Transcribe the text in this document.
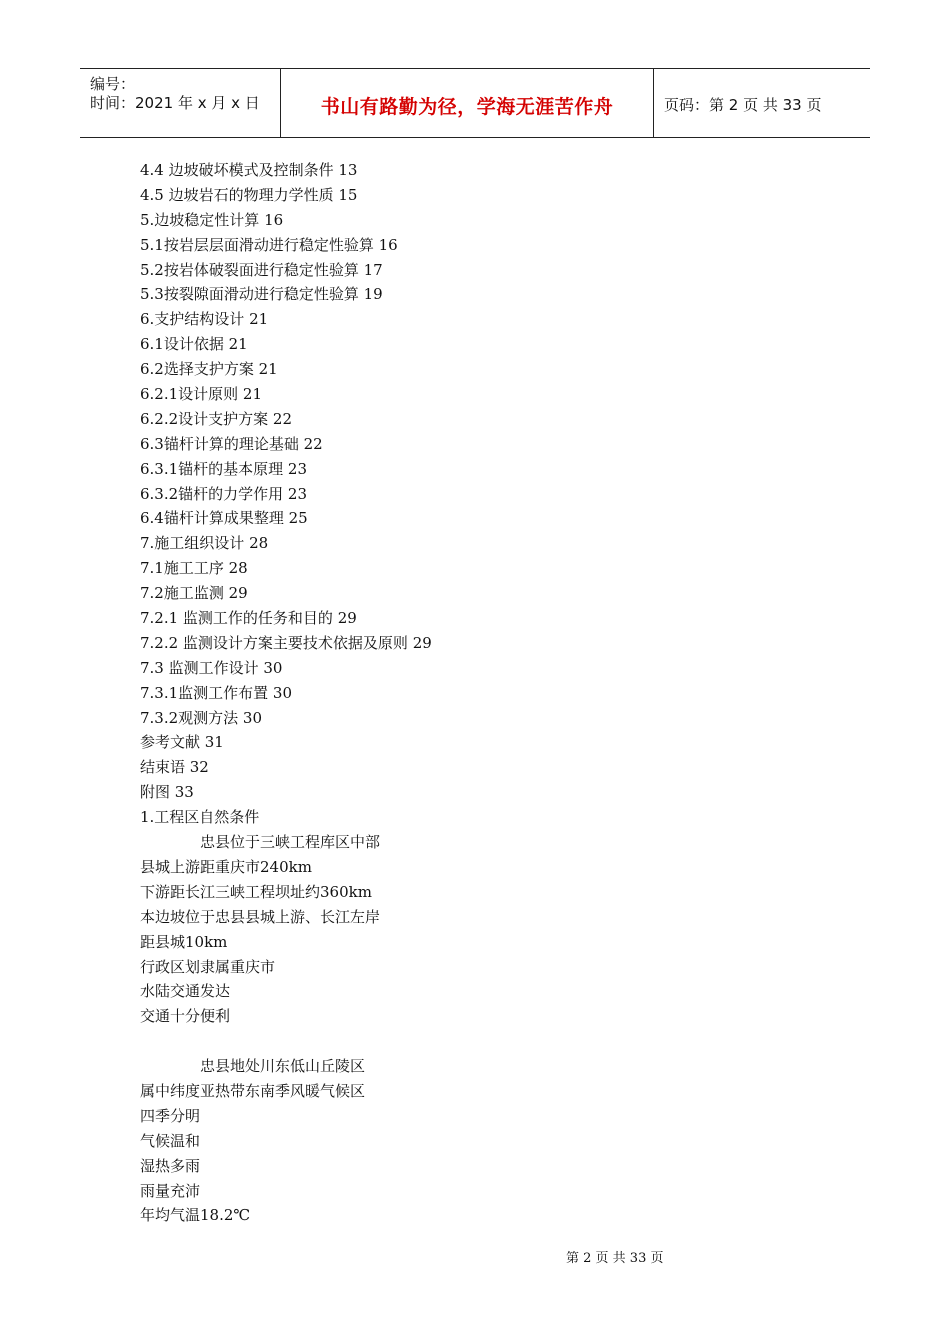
编号：
时间：2021 年 x 月 x 日	书山有路勤为径，学海无涯苦作舟	页码：第 2 页 共 33 页
4.4 边坡破坏模式及控制条件 13
4.5 边坡岩石的物理力学性质 15
5.边坡稳定性计算 16
5.1按岩层层面滑动进行稳定性验算 16
5.2按岩体破裂面进行稳定性验算 17
5.3按裂隙面滑动进行稳定性验算 19
6.支护结构设计 21
6.1设计依据 21
6.2选择支护方案 21
6.2.1设计原则 21
6.2.2设计支护方案 22
6.3锚杆计算的理论基础 22
6.3.1锚杆的基本原理 23
6.3.2锚杆的力学作用 23
6.4锚杆计算成果整理 25
7.施工组织设计 28
7.1施工工序 28
7.2施工监测 29
7.2.1 监测工作的任务和目的 29
7.2.2 监测设计方案主要技术依据及原则 29
7.3 监测工作设计 30
7.3.1监测工作布置 30
7.3.2观测方法 30
参考文献 31
结束语 32
附图 33
1.工程区自然条件
忠县位于三峡工程库区中部
县城上游距重庆市240km
下游距长江三峡工程坝址约360km
本边坡位于忠县县城上游、长江左岸
距县城10km
行政区划隶属重庆市
水陆交通发达
交通十分便利
忠县地处川东低山丘陵区
属中纬度亚热带东南季风暖气候区
四季分明
气候温和
湿热多雨
雨量充沛
年均气温18.2℃
第 2 页 共 33 页
